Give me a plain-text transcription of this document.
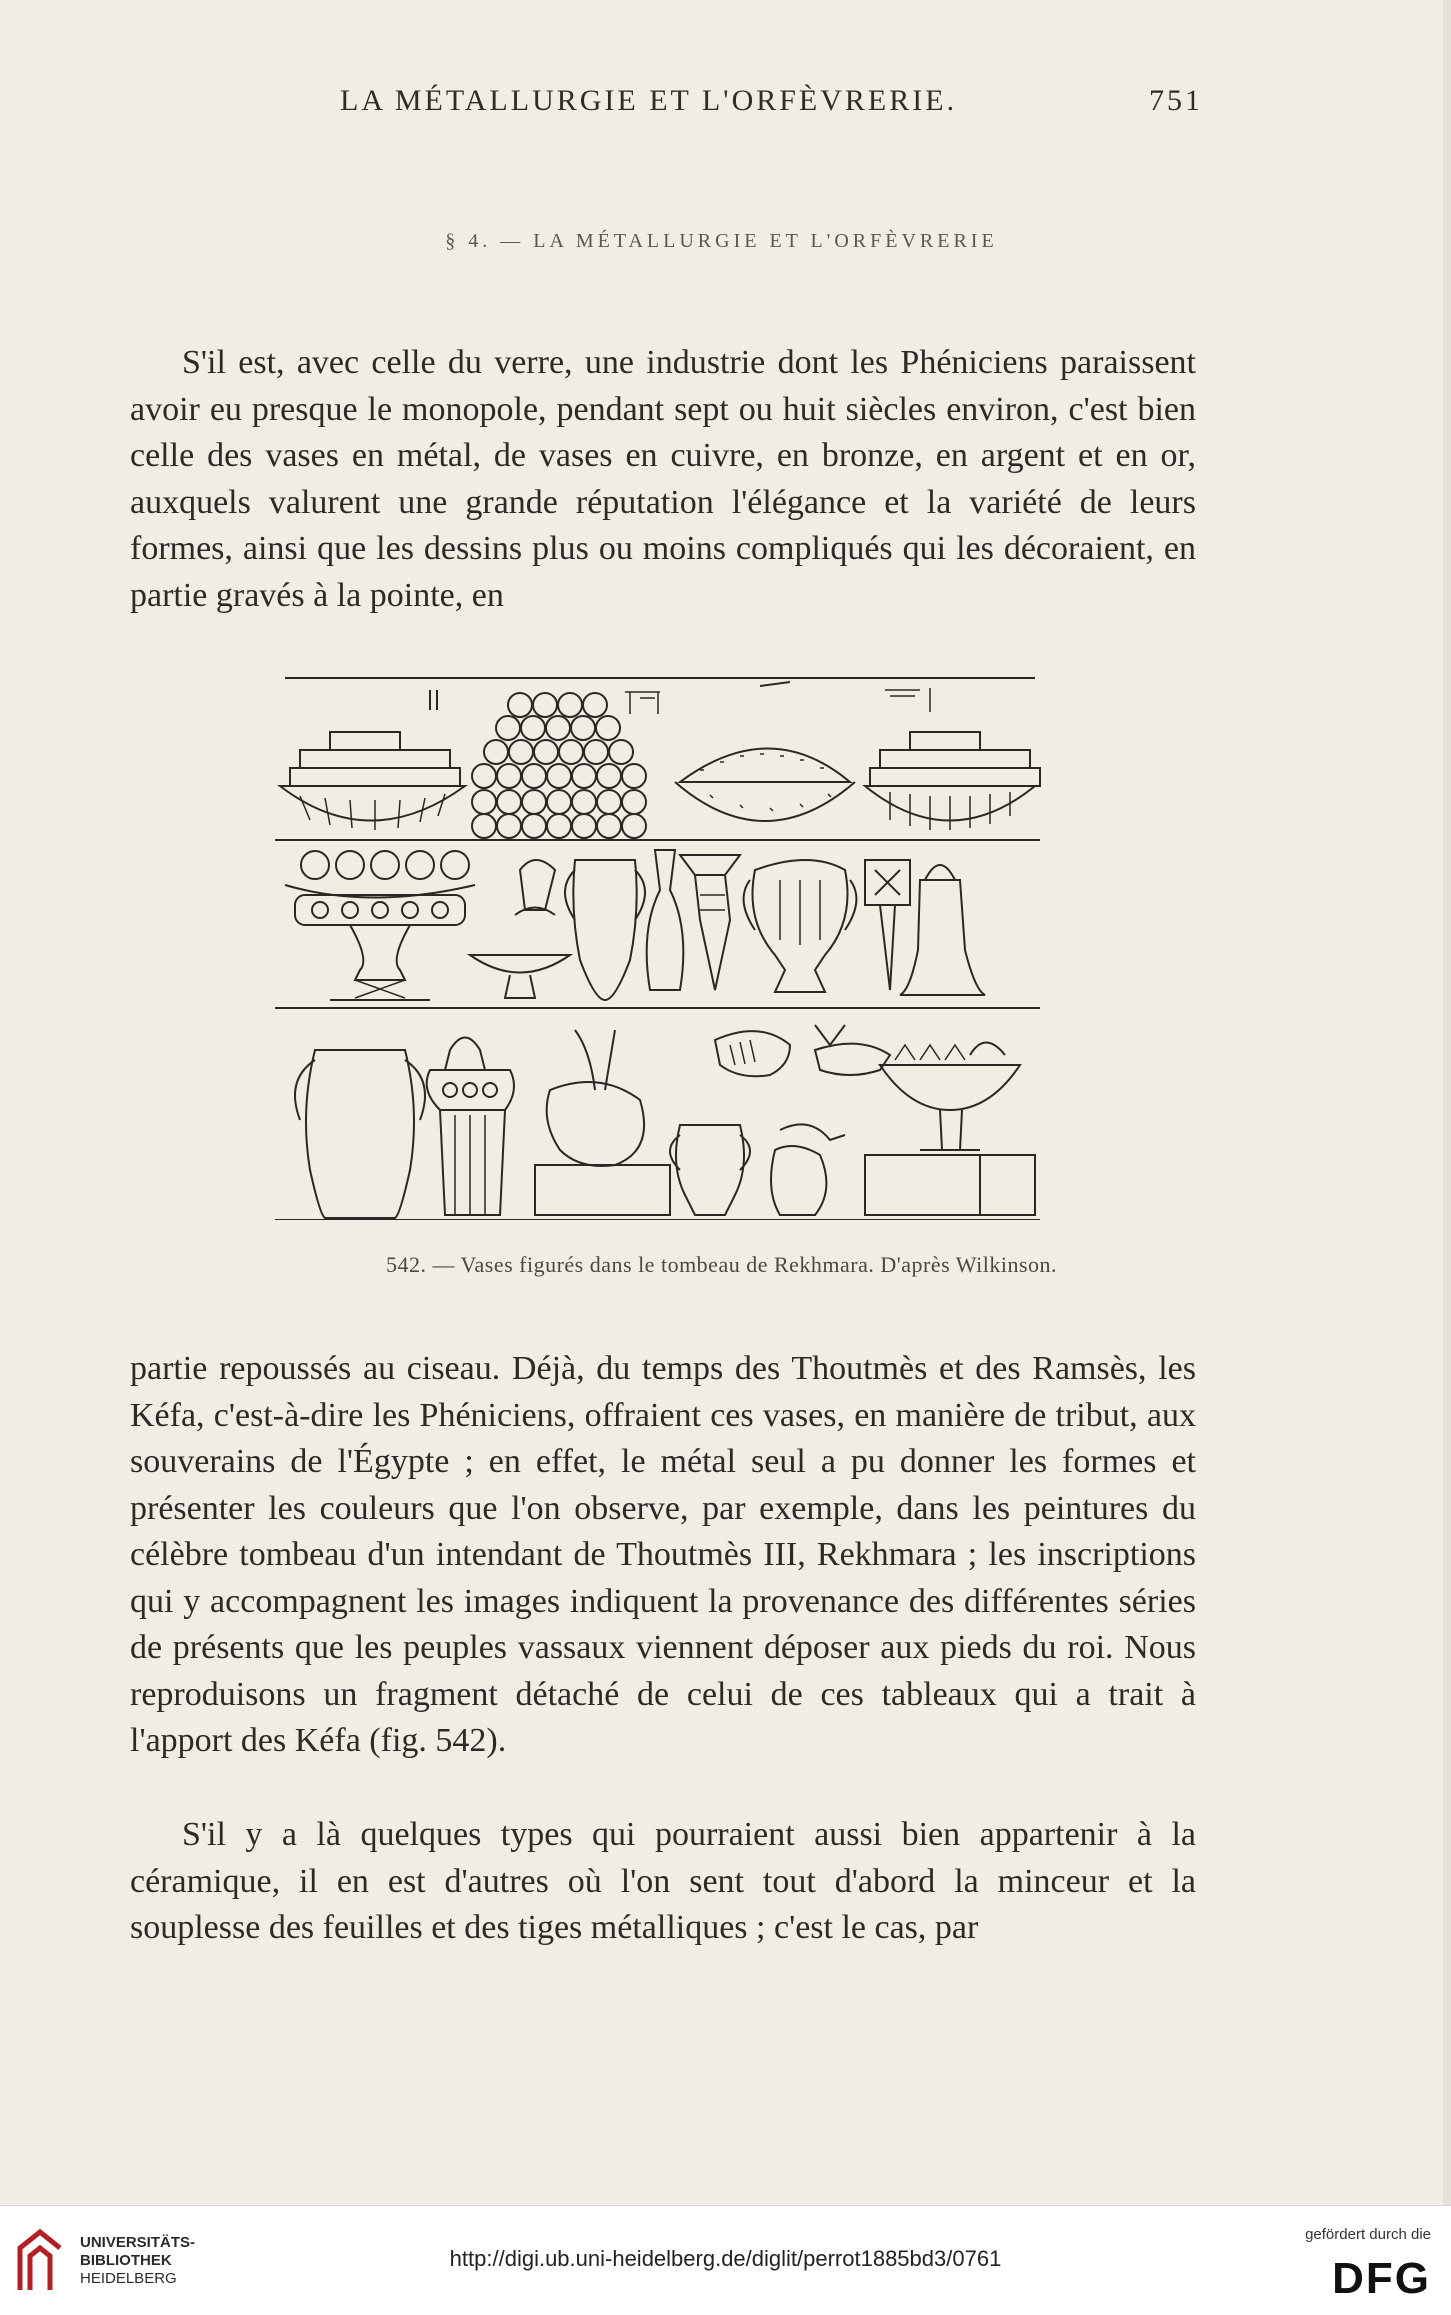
LA MÉTALLURGIE ET L'ORFÈVRERIE.	751
§ 4. — LA MÉTALLURGIE ET L'ORFÈVRERIE

S'il est, avec celle du verre, une industrie dont les Phéniciens paraissent avoir eu presque le monopole, pendant sept ou huit siècles environ, c'est bien celle des vases en métal, de vases en cuivre, en bronze, en argent et en or, auxquels valurent une grande réputation l'élégance et la variété de leurs formes, ainsi que les dessins plus ou moins compliqués qui les décoraient, en partie gravés à la pointe, en

542. — Vases figurés dans le tombeau de Rekhmara. D'après Wilkinson.

partie repoussés au ciseau. Déjà, du temps des Thoutmès et des Ramsès, les Kéfa, c'est-à-dire les Phéniciens, offraient ces vases, en manière de tribut, aux souverains de l'Égypte ; en effet, le métal seul a pu donner les formes et présenter les couleurs que l'on observe, par exemple, dans les peintures du célèbre tombeau d'un intendant de Thoutmès III, Rekhmara ; les inscriptions qui y accompagnent les images indiquent la provenance des différentes séries de présents que les peuples vassaux viennent déposer aux pieds du roi. Nous reproduisons un fragment détaché de celui de ces tableaux qui a trait à l'apport des Kéfa (fig. 542).

S'il y a là quelques types qui pourraient aussi bien appartenir à la céramique, il en est d'autres où l'on sent tout d'abord la minceur et la souplesse des feuilles et des tiges métalliques ; c'est le cas, par

UNIVERSITÄTS-
BIBLIOTHEK
HEIDELBERG
http://digi.ub.uni-heidelberg.de/diglit/perrot1885bd3/0761
gefördert durch die
DFG
